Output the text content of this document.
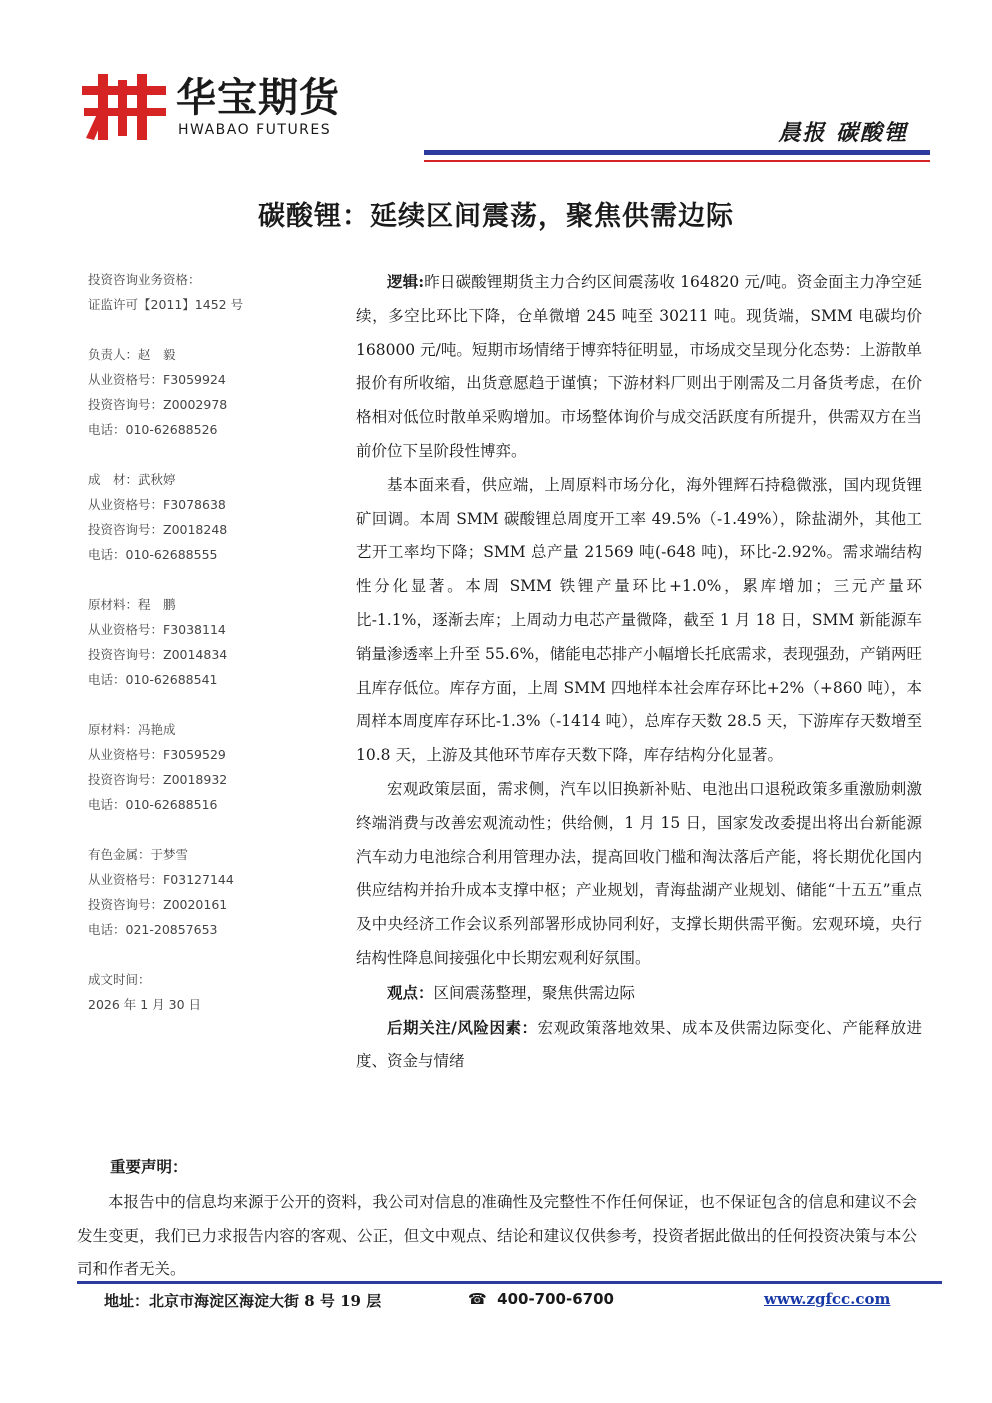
华宝期货
HWABAO FUTURES	晨报 碳酸锂
碳酸锂：延续区间震荡，聚焦供需边际
投资咨询业务资格：
证监许可【2011】1452 号
负责人：赵　毅
从业资格号：F3059924
投资咨询号：Z0002978
电话：010-62688526
成　材：武秋婷
从业资格号：F3078638
投资咨询号：Z0018248
电话：010-62688555
原材料：程　鹏
从业资格号：F3038114
投资咨询号：Z0014834
电话：010-62688541
原材料：冯艳成
从业资格号：F3059529
投资咨询号：Z0018932
电话：010-62688516
有色金属：于梦雪
从业资格号：F03127144
投资咨询号：Z0020161
电话：021-20857653
成文时间：
2026 年 1 月 30 日

逻辑:昨日碳酸锂期货主力合约区间震荡收 164820 元/吨。资金面主力净空延续，多空比环比下降，仓单微增 245 吨至 30211 吨。现货端，SMM 电碳均价 168000 元/吨。短期市场情绪于博弈特征明显，市场成交呈现分化态势：上游散单报价有所收缩，出货意愿趋于谨慎；下游材料厂则出于刚需及二月备货考虑，在价格相对低位时散单采购增加。市场整体询价与成交活跃度有所提升，供需双方在当前价位下呈阶段性博弈。

基本面来看，供应端，上周原料市场分化，海外锂辉石持稳微涨，国内现货锂矿回调。本周 SMM 碳酸锂总周度开工率 49.5%（-1.49%），除盐湖外，其他工艺开工率均下降；SMM 总产量 21569 吨(-648 吨)，环比-2.92%。需求端结构性分化显著。本周 SMM 铁锂产量环比+1.0%，累库增加；三元产量环比-1.1%，逐渐去库；上周动力电芯产量微降，截至 1 月 18 日，SMM 新能源车销量渗透率上升至 55.6%，储能电芯排产小幅增长托底需求，表现强劲，产销两旺且库存低位。库存方面，上周 SMM 四地样本社会库存环比+2%（+860 吨），本周样本周度库存环比-1.3%（-1414 吨），总库存天数 28.5 天，下游库存天数增至 10.8 天，上游及其他环节库存天数下降，库存结构分化显著。

宏观政策层面，需求侧，汽车以旧换新补贴、电池出口退税政策多重激励刺激终端消费与改善宏观流动性；供给侧，1 月 15 日，国家发改委提出将出台新能源汽车动力电池综合利用管理办法，提高回收门槛和淘汰落后产能，将长期优化国内供应结构并抬升成本支撑中枢；产业规划，青海盐湖产业规划、储能“十五五”重点及中央经济工作会议系列部署形成协同利好，支撑长期供需平衡。宏观环境，央行结构性降息间接强化中长期宏观利好氛围。

观点：区间震荡整理，聚焦供需边际

后期关注/风险因素：宏观政策落地效果、成本及供需边际变化、产能释放进度、资金与情绪

重要声明：

本报告中的信息均来源于公开的资料，我公司对信息的准确性及完整性不作任何保证，也不保证包含的信息和建议不会发生变更，我们已力求报告内容的客观、公正，但文中观点、结论和建议仅供参考，投资者据此做出的任何投资决策与本公司和作者无关。

地址：北京市海淀区海淀大街 8 号 19 层	☎ 400-700-6700	www.zgfcc.com
